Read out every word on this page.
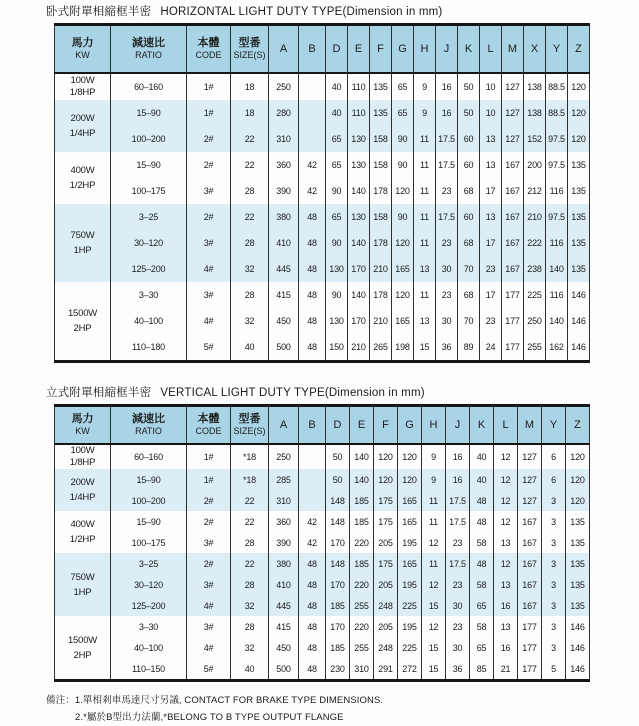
卧式附單相縮框半密 HORIZONTAL LIGHT DUTY TYPE(Dimension in mm)
馬力
KW	減速比
RATIO	本體
CODE	型番
SIZE(S)	A	B	D	E	F	G	H	J	K	L	M	X	Y	Z

100W
1/8HP	60–160	1#	18	250		40	110	135	65	9	16	50	10	127	138	88.5	120

200W
1/4HP	15–90	1#	18	280		40	110	135	65	9	16	50	10	127	138	88.5	120
	100–200	2#	22	310		65	130	158	90	11	17.5	60	13	127	152	97.5	120

400W
1/2HP	15–90	2#	22	360	42	65	130	158	90	11	17.5	60	13	167	200	97.5	135
	100–175	3#	28	390	42	90	140	178	120	11	23	68	17	167	212	116	135

750W
1HP	3–25	2#	22	380	48	65	130	158	90	11	17.5	60	13	167	210	97.5	135
	30–120	3#	28	410	48	90	140	178	120	11	23	68	17	167	222	116	135
	125–200	4#	32	445	48	130	170	210	165	13	30	70	23	167	238	140	135

1500W
2HP	3–30	3#	28	415	48	90	140	178	120	11	23	68	17	177	225	116	146
	40–100	4#	32	450	48	130	170	210	165	13	30	70	23	177	250	140	146
	110–180	5#	40	500	48	150	210	265	198	15	36	89	24	177	255	162	146
立式附單相縮框半密 VERTICAL LIGHT DUTY TYPE(Dimension in mm)
馬力
KW	減速比
RATIO	本體
CODE	型番
SIZE(S)	A	B	D	E	F	G	H	J	K	L	M	Y	Z

100W
1/8HP	60–160	1#	*18	250		50	140	120	120	9	16	40	12	127	6	120

200W
1/4HP	15–90	1#	*18	285		50	140	120	120	9	16	40	12	127	6	120
	100–200	2#	22	310		148	185	175	165	11	17.5	48	12	127	3	120

400W
1/2HP	15–90	2#	22	360	42	148	185	175	165	11	17.5	48	12	167	3	135
	100–175	3#	28	390	42	170	220	205	195	12	23	58	13	167	3	135

750W
1HP	3–25	2#	22	380	48	148	185	175	165	11	17.5	48	12	167	3	135
	30–120	3#	28	410	48	170	220	205	195	12	23	58	13	167	3	135
	125–200	4#	32	445	48	185	255	248	225	15	30	65	16	167	3	135

1500W
2HP	3–30	3#	28	415	48	170	220	205	195	12	23	58	13	177	3	146
	40–100	4#	32	450	48	185	255	248	225	15	30	65	16	177	3	146
	110–150	5#	40	500	48	230	310	291	272	15	36	85	21	177	5	146
備注：1.單相剎車馬達尺寸另議, CONTACT FOR BRAKE TYPE DIMENSIONS.
2.*屬於B型出力法蘭,*BELONG TO B TYPE OUTPUT FLANGE
